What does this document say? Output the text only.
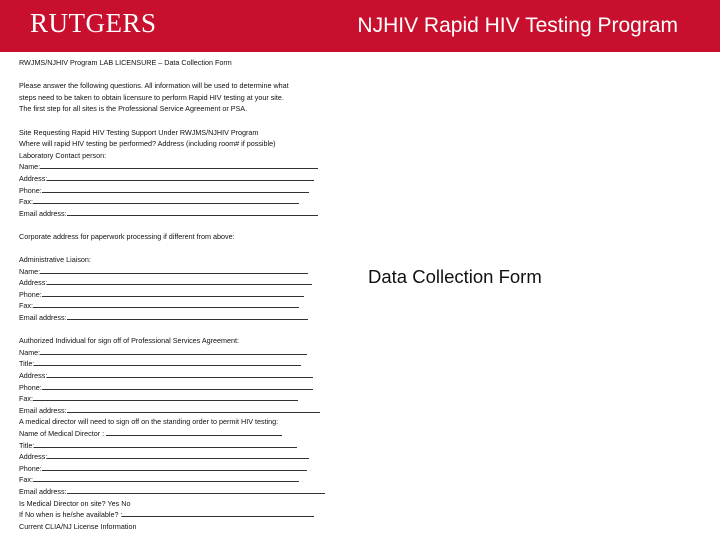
RUTGERS	NJHIV Rapid HIV Testing Program
RWJMS/NJHIV Program LAB LICENSURE – Data Collection Form
Please answer the following questions. All information will be used to determine what
steps need to be taken to obtain licensure to perform Rapid HIV testing at your site.
The first step for all sites is the Professional Service Agreement or PSA.
Site Requesting Rapid HIV Testing Support Under RWJMS/NJHIV Program
Where will rapid HIV testing be performed? Address (including room# if possible)
Laboratory Contact person:
Name:
Address:
Phone:
Fax:
Email address:
Corporate address for paperwork processing if different from above:
Administrative Liaison:
Name:
Address:
Phone:
Fax:
Email address:
Authorized Individual for sign off of Professional Services Agreement:
Name:
Title:
Address:
Phone:
Fax:
Email address:
A medical director will need to sign off on the standing order to permit HIV testing:
Name of Medical Director :
Title:
Address:
Phone:
Fax:
Email address:
Is Medical Director on site? Yes No
If No when is he/she available? :
Current CLIA/NJ License Information
Data Collection Form
